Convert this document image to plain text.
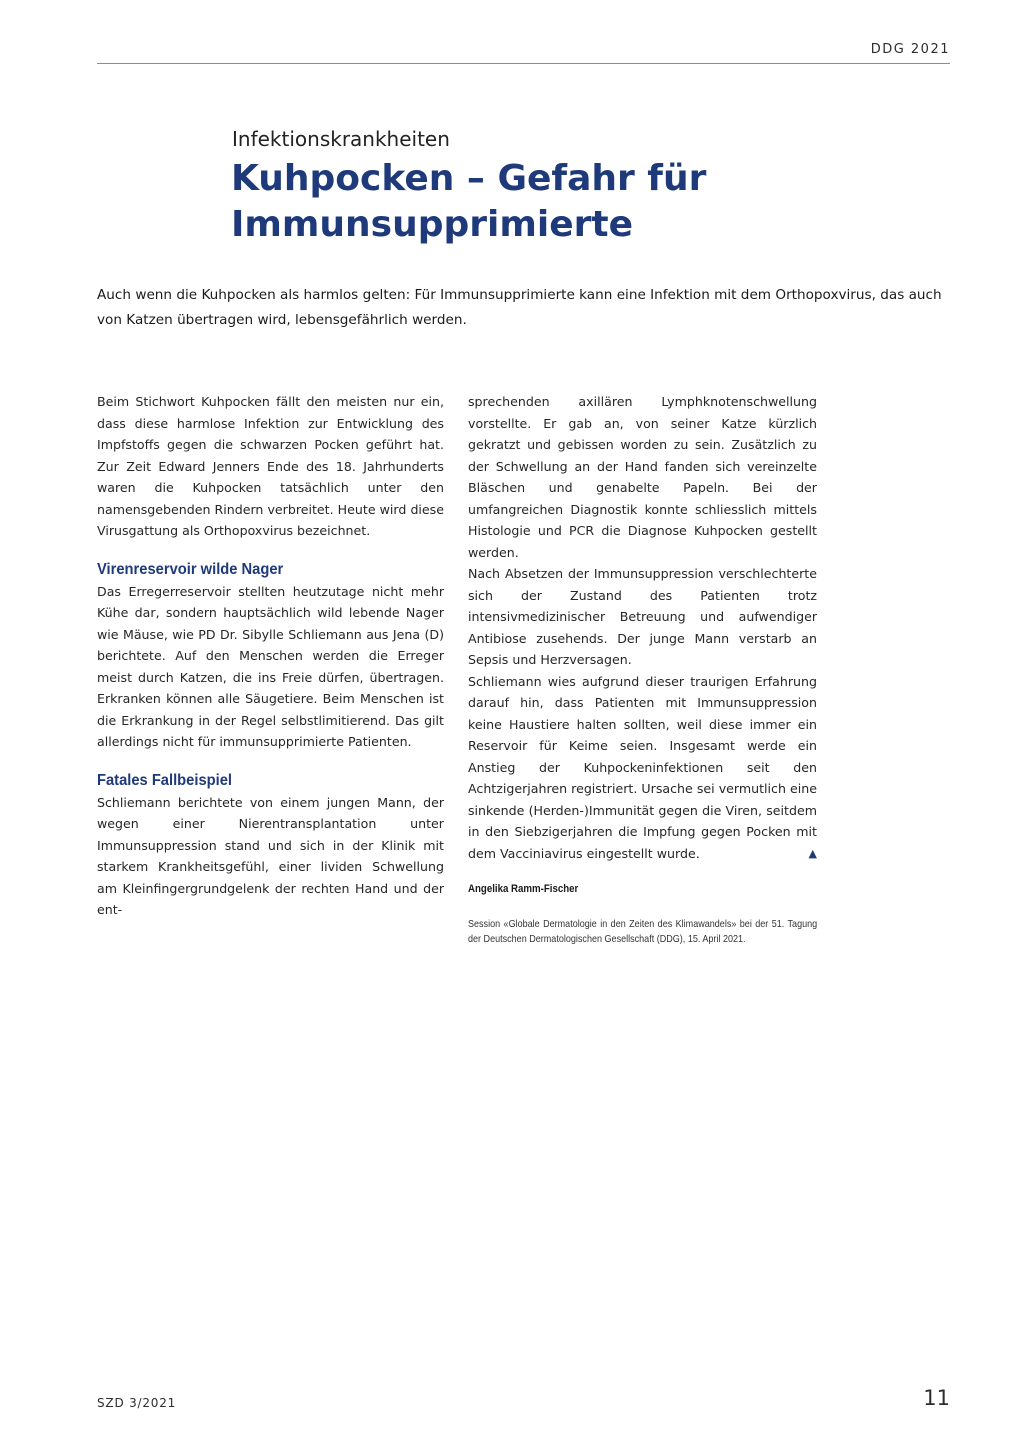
DDG 2021
Infektionskrankheiten
Kuhpocken – Gefahr für Immunsupprimierte

Auch wenn die Kuhpocken als harmlos gelten: Für Immunsupprimierte kann eine Infektion mit dem Orthopoxvirus, das auch von Katzen übertragen wird, lebensgefährlich werden.

Beim Stichwort Kuhpocken fällt den meisten nur ein, dass diese harmlose Infektion zur Entwicklung des Impfstoffs gegen die schwarzen Pocken geführt hat. Zur Zeit Edward Jenners Ende des 18. Jahrhunderts waren die Kuhpocken tatsächlich unter den namensgebenden Rindern verbreitet. Heute wird diese Virusgattung als Orthopoxvirus bezeichnet.

Virenreservoir wilde Nager

Das Erregerreservoir stellten heutzutage nicht mehr Kühe dar, sondern hauptsächlich wild lebende Nager wie Mäuse, wie PD Dr. Sibylle Schliemann aus Jena (D) berichtete. Auf den Menschen werden die Erreger meist durch Katzen, die ins Freie dürfen, übertragen. Erkranken können alle Säugetiere. Beim Menschen ist die Erkrankung in der Regel selbstlimitierend. Das gilt allerdings nicht für immunsupprimierte Patienten.

Fatales Fallbeispiel

Schliemann berichtete von einem jungen Mann, der wegen einer Nierentransplantation unter Immunsuppression stand und sich in der Klinik mit starkem Krankheitsgefühl, einer lividen Schwellung am Kleinfingergrundgelenk der rechten Hand und der ent-

sprechenden axillären Lymphknotenschwellung vorstellte. Er gab an, von seiner Katze kürzlich gekratzt und gebissen worden zu sein. Zusätzlich zu der Schwellung an der Hand fanden sich vereinzelte Bläschen und genabelte Papeln. Bei der umfangreichen Diagnostik konnte schliesslich mittels Histologie und PCR die Diagnose Kuhpocken gestellt werden.

Nach Absetzen der Immunsuppression verschlechterte sich der Zustand des Patienten trotz intensivmedizinischer Betreuung und aufwendiger Antibiose zusehends. Der junge Mann verstarb an Sepsis und Herzversagen.

Schliemann wies aufgrund dieser traurigen Erfahrung darauf hin, dass Patienten mit Immunsuppression keine Haustiere halten sollten, weil diese immer ein Reservoir für Keime seien. Insgesamt werde ein Anstieg der Kuhpockeninfektionen seit den Achtzigerjahren registriert. Ursache sei vermutlich eine sinkende (Herden-)Immunität gegen die Viren, seitdem in den Siebzigerjahren die Impfung gegen Pocken mit dem Vacciniavirus eingestellt wurde.	▲

Angelika Ramm-Fischer
Session «Globale Dermatologie in den Zeiten des Klimawandels» bei der 51. Tagung der Deutschen Dermatologischen Gesellschaft (DDG), 15. April 2021.
SZD 3/2021	11
